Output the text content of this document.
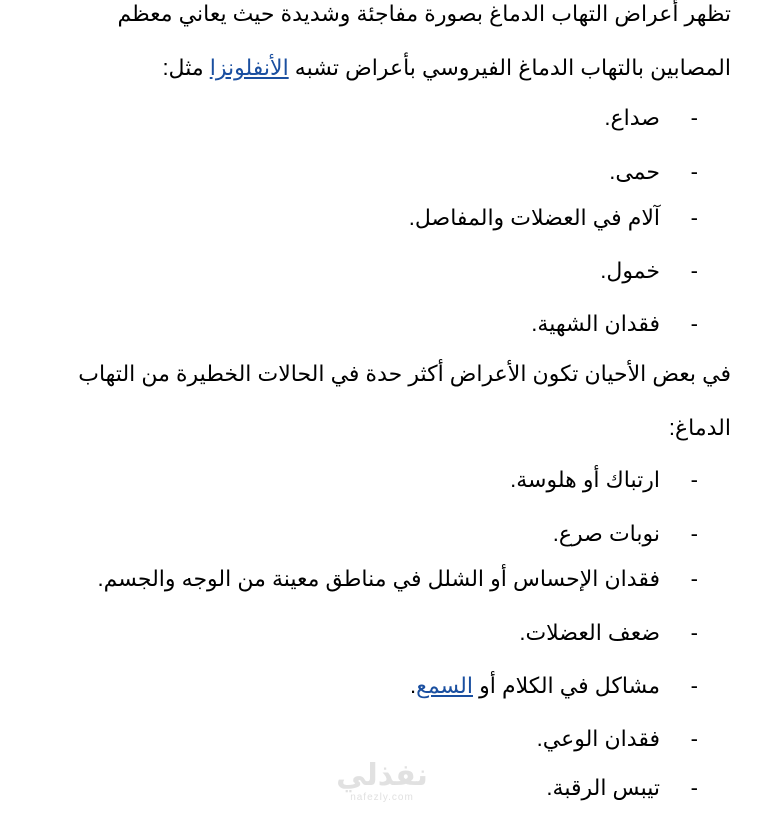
تظهر أعراض التهاب الدماغ بصورة مفاجئة وشديدة حيث يعاني معظم
المصابين بالتهاب الدماغ الفيروسي بأعراض تشبه الأنفلونزا مثل:

-
صداع.
-
حمى.
-
آلام في العضلات والمفاصل.
-
خمول.
-
فقدان الشهية.

في بعض الأحيان تكون الأعراض أكثر حدة في الحالات الخطيرة من التهاب
الدماغ:

-
ارتباك أو هلوسة.
-
نوبات صرع.
-
فقدان الإحساس أو الشلل في مناطق معينة من الوجه والجسم.
-
ضعف العضلات.
-
مشاكل في الكلام أو السمع.
-
فقدان الوعي.
-
تيبس الرقبة.
نفذلي
nafezly.com
